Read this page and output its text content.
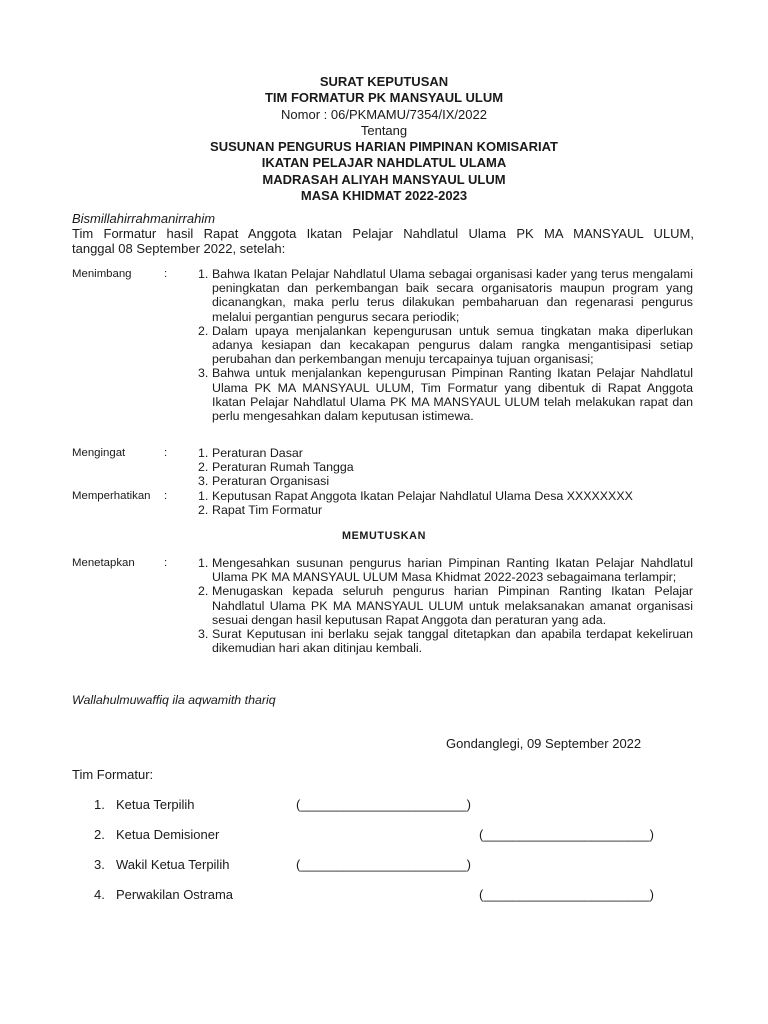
SURAT KEPUTUSAN
TIM FORMATUR PK MANSYAUL ULUM
Nomor : 06/PKMAMU/7354/IX/2022
Tentang
SUSUNAN PENGURUS HARIAN PIMPINAN KOMISARIAT
IKATAN PELAJAR NAHDLATUL ULAMA
MADRASAH ALIYAH MANSYAUL ULUM
MASA KHIDMAT 2022-2023
Bismillahirrahmanirrahim
Tim Formatur hasil Rapat Anggota Ikatan Pelajar Nahdlatul Ulama PK MA MANSYAUL ULUM,
tanggal 08 September 2022, setelah:
Menimbang	: 1. Bahwa Ikatan Pelajar Nahdlatul Ulama sebagai organisasi kader yang terus mengalami peningkatan dan perkembangan baik secara organisatoris maupun program yang dicanangkan, maka perlu terus dilakukan pembaharuan dan regenarasi pengurus melalui pergantian pengurus secara periodik;
2. Dalam upaya menjalankan kepengurusan untuk semua tingkatan maka diperlukan adanya kesiapan dan kecakapan pengurus dalam rangka mengantisipasi setiap perubahan dan perkembangan menuju tercapainya tujuan organisasi;
3. Bahwa untuk menjalankan kepengurusan Pimpinan Ranting Ikatan Pelajar Nahdlatul Ulama PK MA MANSYAUL ULUM, Tim Formatur yang dibentuk di Rapat Anggota Ikatan Pelajar Nahdlatul Ulama PK MA MANSYAUL ULUM telah melakukan rapat dan perlu mengesahkan dalam keputusan istimewa.
Mengingat	: 1. Peraturan Dasar
2. Peraturan Rumah Tangga
3. Peraturan Organisasi
Memperhatikan	: 1. Keputusan Rapat Anggota Ikatan Pelajar Nahdlatul Ulama Desa XXXXXXXX
2. Rapat Tim Formatur
MEMUTUSKAN
Menetapkan	: 1. Mengesahkan susunan pengurus harian Pimpinan Ranting Ikatan Pelajar Nahdlatul Ulama PK MA MANSYAUL ULUM Masa Khidmat 2022-2023 sebagaimana terlampir;
2. Menugaskan kepada seluruh pengurus harian Pimpinan Ranting Ikatan Pelajar Nahdlatul Ulama PK MA MANSYAUL ULUM untuk melaksanakan amanat organisasi sesuai dengan hasil keputusan Rapat Anggota dan peraturan yang ada.
3. Surat Keputusan ini berlaku sejak tanggal ditetapkan dan apabila terdapat kekeliruan dikemudian hari akan ditinjau kembali.
Wallahulmuwaffiq ila aqwamith thariq
Gondanglegi, 09 September 2022
Tim Formatur:
1. Ketua Terpilih	(_______________________)
2. Ketua Demisioner	(_______________________)
3. Wakil Ketua Terpilih	(_______________________)
4. Perwakilan Ostrama	(_______________________)
